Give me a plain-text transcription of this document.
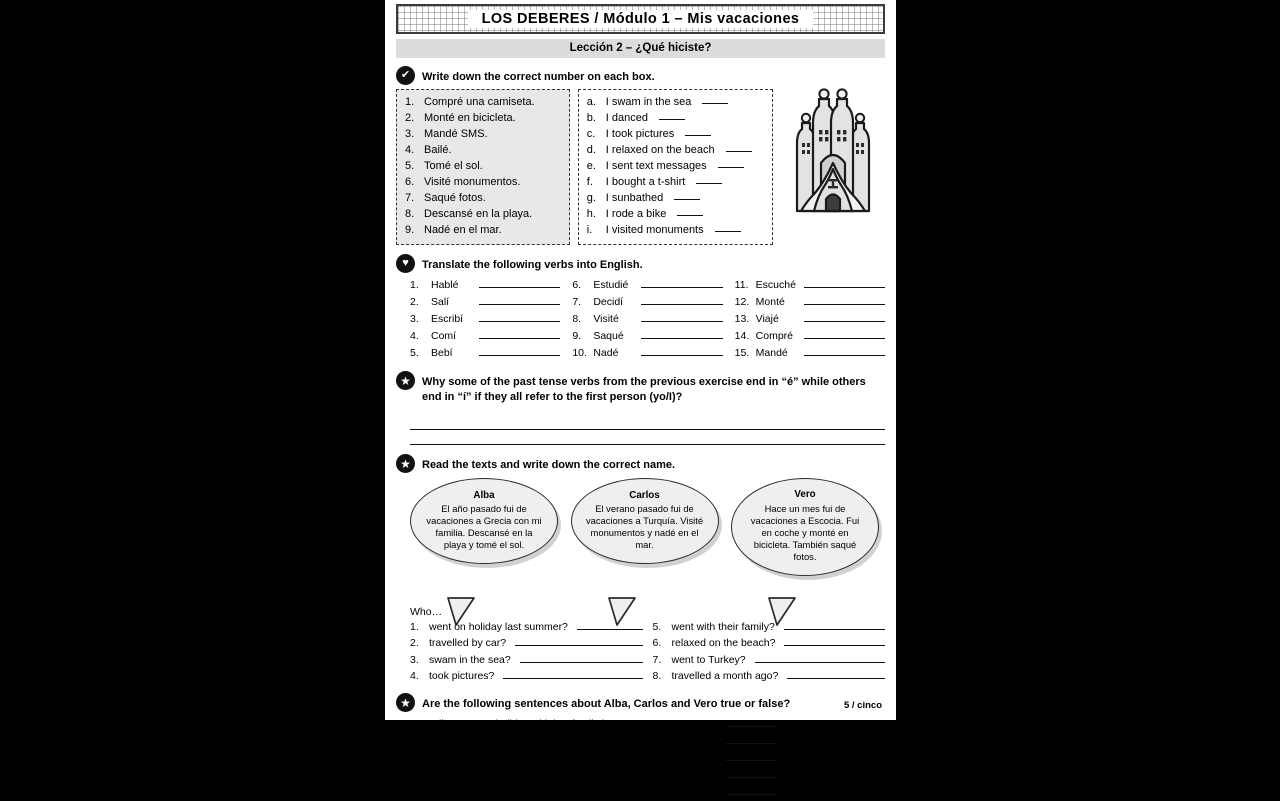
LOS DEBERES / Módulo 1 – Mis vacaciones
Lección 2 – ¿Qué hiciste?
✔	Write down the correct number on each box.
1. Compré una camiseta.
2. Monté en bicicleta.
3. Mandé SMS.
4. Bailé.
5. Tomé el sol.
6. Visité monumentos.
7. Saqué fotos.
8. Descansé en la playa.
9. Nadé en el mar.
a. I swam in the sea
b. I danced
c. I took pictures
d. I relaxed on the beach
e. I sent text messages
f.	I bought a t-shirt
g. I sunbathed
h. I rode a bike
i.	I visited monuments
♥	Translate the following verbs into English.
1.	Hablé
2.	Salí
3.	Escribí
4.	Comí
5.	Bebí
6.	Estudié
7.	Decidí
8.	Visité
9.	Saqué
10. Nadé
11. Escuché
12. Monté
13. Viajé
14. Compré
15. Mandé
★	Why some of the past tense verbs from the previous exercise end in “é” while others end in “í” if they all refer to the first person (yo/I)?
★	Read the texts and write down the correct name.
Alba
El año pasado fui de vacaciones a Grecia con mi familia. Descansé en la playa y tomé el sol.
Carlos
El verano pasado fui de vacaciones a Turquía. Visité monumentos y nadé en el mar.
Vero
Hace un mes fui de vacaciones a Escocia. Fui en coche y monté en bicicleta. También saqué fotos.
Who…
1. went on holiday last summer?
2. travelled by car?
3. swam in the sea?
4. took pictures?
5. went with their family?
6. relaxed on the beach?
7. went to Turkey?
8. travelled a month ago?
★	Are the following sentences about Alba, Carlos and Vero true or false?
1.	Alba went on holiday with her family last summer.
2.	Carlos visited Turkey and he took lots of pictures.
3.	Vero went on holiday to Spain and she went by car.
4.	Alba went to Greece and sunbathed while on holiday.
5.	Carlos visited monuments and rode a bike.
5 / cinco
